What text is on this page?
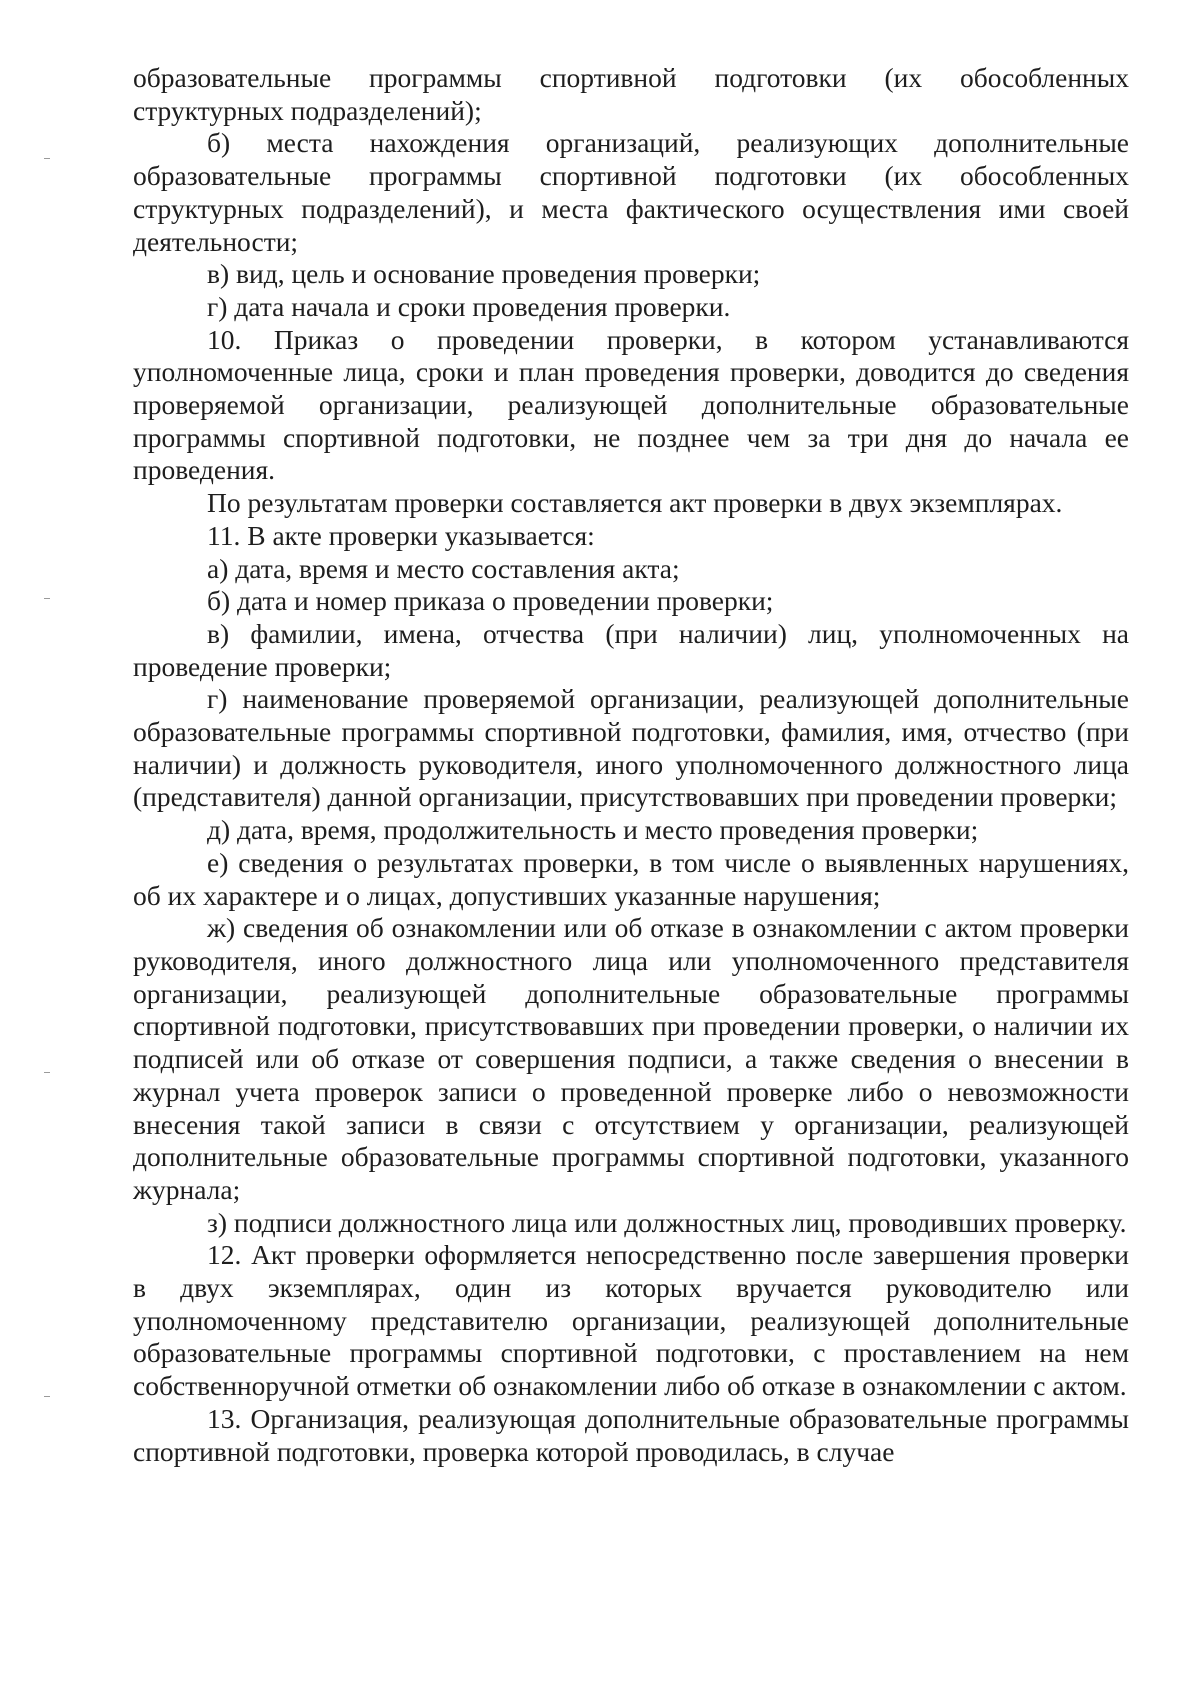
образовательные программы спортивной подготовки (их обособленных структурных подразделений);

б) места нахождения организаций, реализующих дополнительные образовательные программы спортивной подготовки (их обособленных структурных подразделений), и места фактического осуществления ими своей деятельности;

в) вид, цель и основание проведения проверки;

г) дата начала и сроки проведения проверки.

10. Приказ о проведении проверки, в котором устанавливаются уполномоченные лица, сроки и план проведения проверки, доводится до сведения проверяемой организации, реализующей дополнительные образовательные программы спортивной подготовки, не позднее чем за три дня до начала ее проведения.

По результатам проверки составляется акт проверки в двух экземплярах.

11. В акте проверки указывается:

а) дата, время и место составления акта;

б) дата и номер приказа о проведении проверки;

в) фамилии, имена, отчества (при наличии) лиц, уполномоченных на проведение проверки;

г) наименование проверяемой организации, реализующей дополнительные образовательные программы спортивной подготовки, фамилия, имя, отчество (при наличии) и должность руководителя, иного уполномоченного должностного лица (представителя) данной организации, присутствовавших при проведении проверки;

д) дата, время, продолжительность и место проведения проверки;

е) сведения о результатах проверки, в том числе о выявленных нарушениях, об их характере и о лицах, допустивших указанные нарушения;

ж) сведения об ознакомлении или об отказе в ознакомлении с актом проверки руководителя, иного должностного лица или уполномоченного представителя организации, реализующей дополнительные образовательные программы спортивной подготовки, присутствовавших при проведении проверки, о наличии их подписей или об отказе от совершения подписи, а также сведения о внесении в журнал учета проверок записи о проведенной проверке либо о невозможности внесения такой записи в связи с отсутствием у организации, реализующей дополнительные образовательные программы спортивной подготовки, указанного журнала;

з) подписи должностного лица или должностных лиц, проводивших проверку.

12. Акт проверки оформляется непосредственно после завершения проверки в двух экземплярах, один из которых вручается руководителю или уполномоченному представителю организации, реализующей дополнительные образовательные программы спортивной подготовки, с проставлением на нем собственноручной отметки об ознакомлении либо об отказе в ознакомлении с актом.

13. Организация, реализующая дополнительные образовательные программы спортивной подготовки, проверка которой проводилась, в случае
